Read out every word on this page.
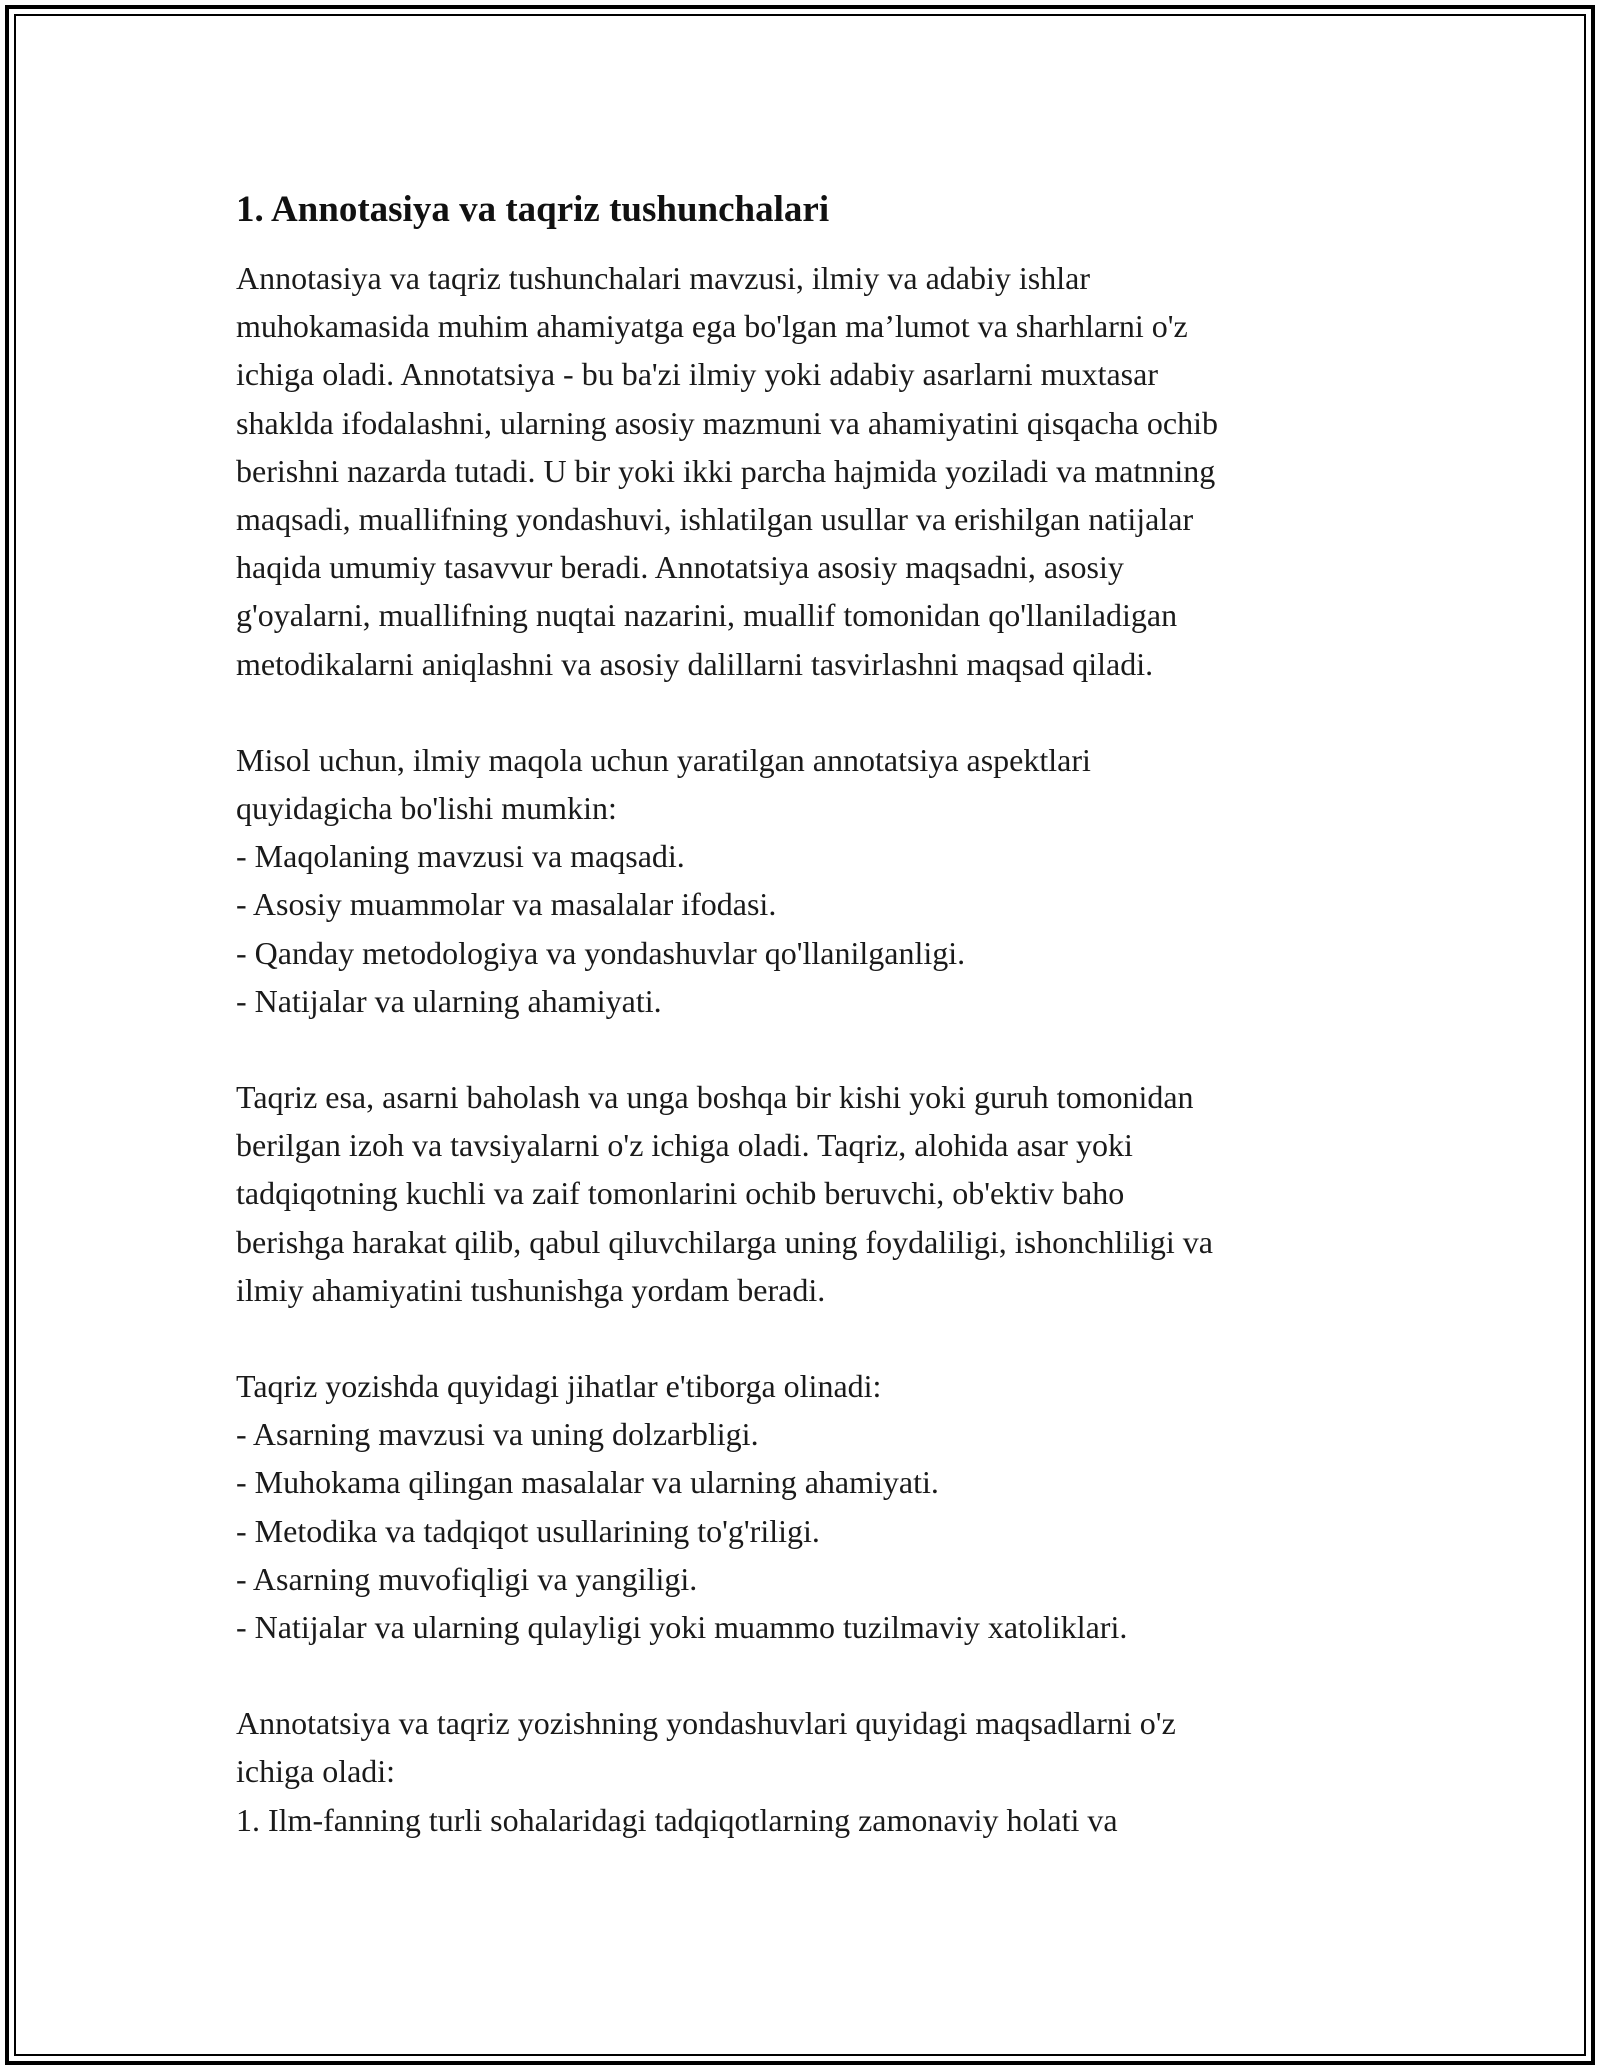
1. Annotasiya va taqriz tushunchalari

Annotasiya va taqriz tushunchalari mavzusi, ilmiy va adabiy ishlar
muhokamasida muhim ahamiyatga ega bo'lgan ma’lumot va sharhlarni o'z
ichiga oladi. Annotatsiya - bu ba'zi ilmiy yoki adabiy asarlarni muxtasar
shaklda ifodalashni, ularning asosiy mazmuni va ahamiyatini qisqacha ochib
berishni nazarda tutadi. U bir yoki ikki parcha hajmida yoziladi va matnning
maqsadi, muallifning yondashuvi, ishlatilgan usullar va erishilgan natijalar
haqida umumiy tasavvur beradi. Annotatsiya asosiy maqsadni, asosiy
g'oyalarni, muallifning nuqtai nazarini, muallif tomonidan qo'llaniladigan
metodikalarni aniqlashni va asosiy dalillarni tasvirlashni maqsad qiladi.

Misol uchun, ilmiy maqola uchun yaratilgan annotatsiya aspektlari
quyidagicha bo'lishi mumkin:
- Maqolaning mavzusi va maqsadi.
- Asosiy muammolar va masalalar ifodasi.
- Qanday metodologiya va yondashuvlar qo'llanilganligi.
- Natijalar va ularning ahamiyati.

Taqriz esa, asarni baholash va unga boshqa bir kishi yoki guruh tomonidan
berilgan izoh va tavsiyalarni o'z ichiga oladi. Taqriz, alohida asar yoki
tadqiqotning kuchli va zaif tomonlarini ochib beruvchi, ob'ektiv baho
berishga harakat qilib, qabul qiluvchilarga uning foydaliligi, ishonchliligi va
ilmiy ahamiyatini tushunishga yordam beradi.

Taqriz yozishda quyidagi jihatlar e'tiborga olinadi:
- Asarning mavzusi va uning dolzarbligi.
- Muhokama qilingan masalalar va ularning ahamiyati.
- Metodika va tadqiqot usullarining to'g'riligi.
- Asarning muvofiqligi va yangiligi.
- Natijalar va ularning qulayligi yoki muammo tuzilmaviy xatoliklari.

Annotatsiya va taqriz yozishning yondashuvlari quyidagi maqsadlarni o'z
ichiga oladi:
1. Ilm-fanning turli sohalaridagi tadqiqotlarning zamonaviy holati va
